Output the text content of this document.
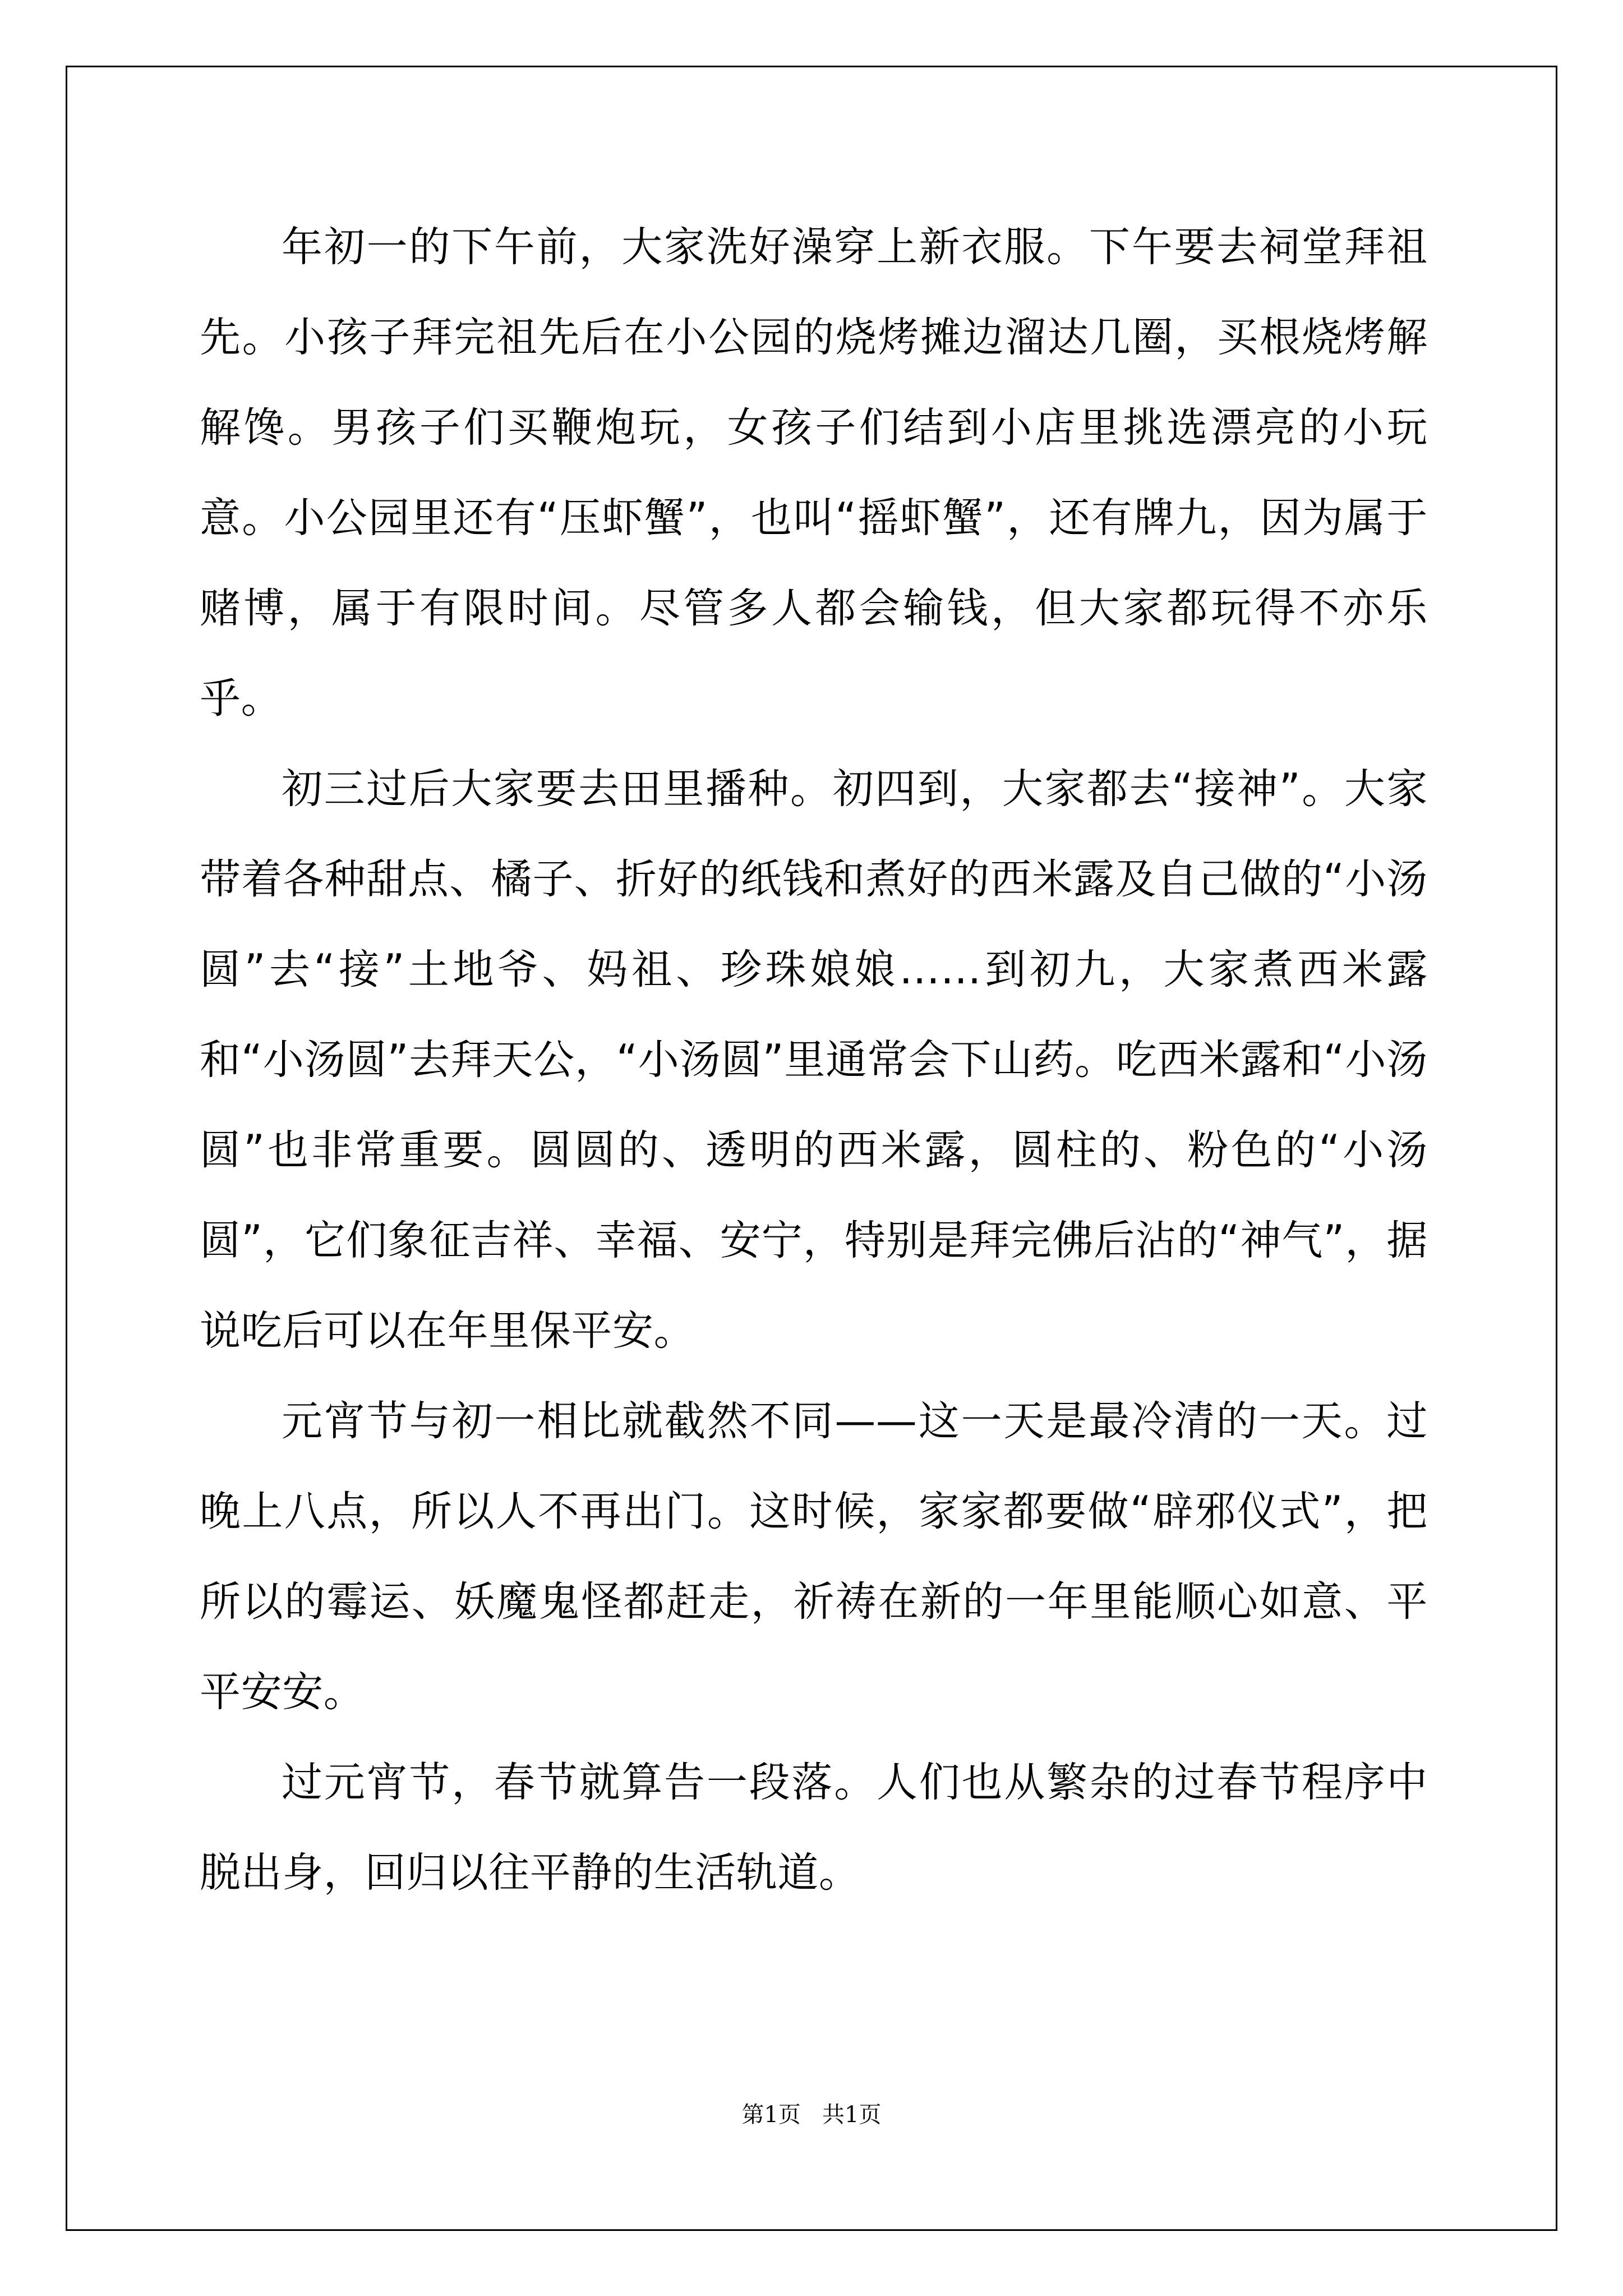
年初一的下午前，大家洗好澡穿上新衣服。下午要去祠堂拜祖先。小孩子拜完祖先后在小公园的烧烤摊边溜达几圈，买根烧烤解解馋。男孩子们买鞭炮玩，女孩子们结到小店里挑选漂亮的小玩意。小公园里还有“压虾蟹”，也叫“摇虾蟹”，还有牌九，因为属于赌博，属于有限时间。尽管多人都会输钱，但大家都玩得不亦乐乎。

初三过后大家要去田里播种。初四到，大家都去“接神”。大家带着各种甜点、橘子、折好的纸钱和煮好的西米露及自己做的“小汤圆”去“接”土地爷、妈祖、珍珠娘娘……到初九，大家煮西米露和“小汤圆”去拜天公，“小汤圆”里通常会下山药。吃西米露和“小汤圆”也非常重要。圆圆的、透明的西米露，圆柱的、粉色的“小汤圆”，它们象征吉祥、幸福、安宁，特别是拜完佛后沾的“神气”，据说吃后可以在年里保平安。

元宵节与初一相比就截然不同——这一天是最冷清的一天。过晚上八点，所以人不再出门。这时候，家家都要做“辟邪仪式”，把所以的霉运、妖魔鬼怪都赶走，祈祷在新的一年里能顺心如意、平平安安。

过元宵节，春节就算告一段落。人们也从繁杂的过春节程序中脱出身，回归以往平静的生活轨道。

第1页   共1页
